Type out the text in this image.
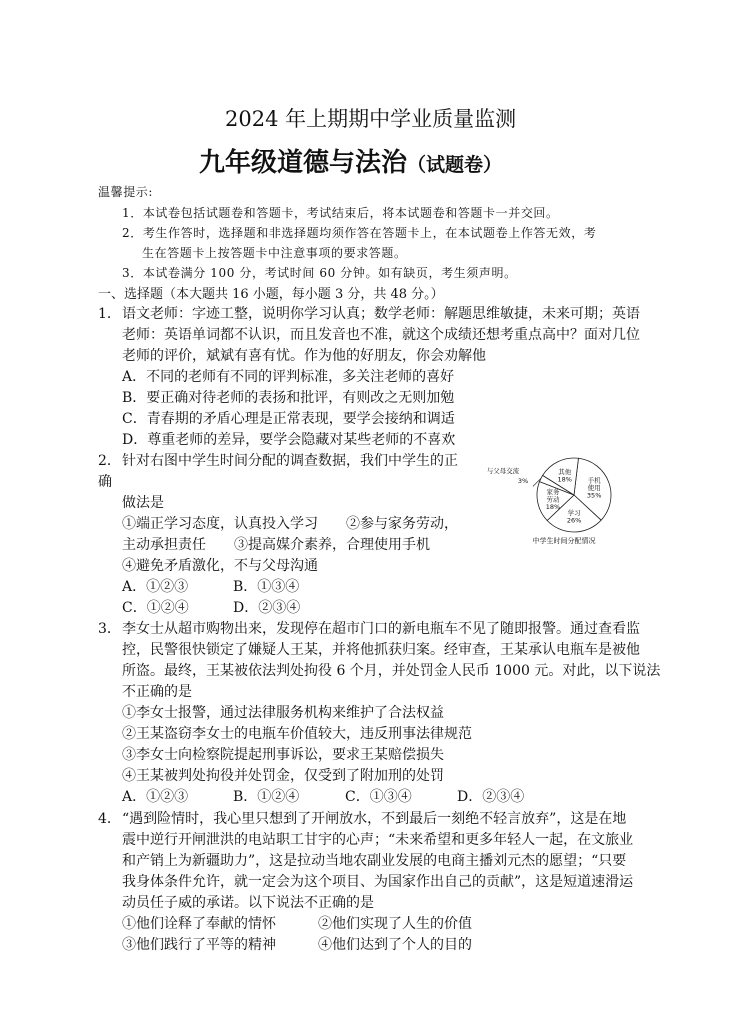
2024 年上期期中学业质量监测
九年级道德与法治（试题卷）
温馨提示:
1．本试卷包括试题卷和答题卡，考试结束后，将本试题卷和答题卡一并交回。
2．考生作答时，选择题和非选择题均须作答在答题卡上，在本试题卷上作答无效，考
生在答题卡上按答题卡中注意事项的要求答题。
3．本试卷满分 100 分，考试时间 60 分钟。如有缺页，考生须声明。
一、选择题（本大题共 16 小题，每小题 3 分，共 48 分。）
1． 语文老师：字迹工整，说明你学习认真；数学老师：解题思维敏捷，未来可期；英语
老师：英语单词都不认识，而且发音也不准，就这个成绩还想考重点高中？面对几位
老师的评价，斌斌有喜有忧。作为他的好朋友，你会劝解他
A．不同的老师有不同的评判标准，多关注老师的喜好
B．要正确对待老师的表扬和批评，有则改之无则加勉
C．青春期的矛盾心理是正常表现，要学会接纳和调适
D．尊重老师的差异，要学会隐藏对某些老师的不喜欢
2． 针对右图中学生时间分配的调查数据，我们中学生的正
确
做法是
①端正学习态度，认真投入学习　　②参与家务劳动，
主动承担责任　　③提高媒介素养，合理使用手机
④避免矛盾激化，不与父母沟通
A．①②③	B．①③④
C．①②④	D．②③④
手机
使用
35%
学习
26%
家务
劳动
18%
与父母交流
3%
其他
18%
中学生时间分配情况
3． 李女士从超市购物出来，发现停在超市门口的新电瓶车不见了随即报警。通过查看监
控，民警很快锁定了嫌疑人王某，并将他抓获归案。经审查，王某承认电瓶车是被他
所盗。最终，王某被依法判处拘役 6 个月，并处罚金人民币 1000 元。对此，以下说法
不正确的是
①李女士报警，通过法律服务机构来维护了合法权益
②王某盗窃李女士的电瓶车价值较大，违反刑事法律规范
③李女士向检察院提起刑事诉讼，要求王某赔偿损失
④王某被判处拘役并处罚金，仅受到了附加刑的处罚
A．①②③	B．①②④	C．①③④	D．②③④
4． “遇到险情时，我心里只想到了开闸放水，不到最后一刻绝不轻言放弃”，这是在地
震中逆行开闸泄洪的电站职工甘宇的心声；“未来希望和更多年轻人一起，在文旅业
和产销上为新疆助力”，这是拉动当地农副业发展的电商主播刘元杰的愿望；“只要
我身体条件允许，就一定会为这个项目、为国家作出自己的贡献”，这是短道速滑运
动员任子威的承诺。以下说法不正确的是
①他们诠释了奉献的情怀	②他们实现了人生的价值
③他们践行了平等的精神	④他们达到了个人的目的
